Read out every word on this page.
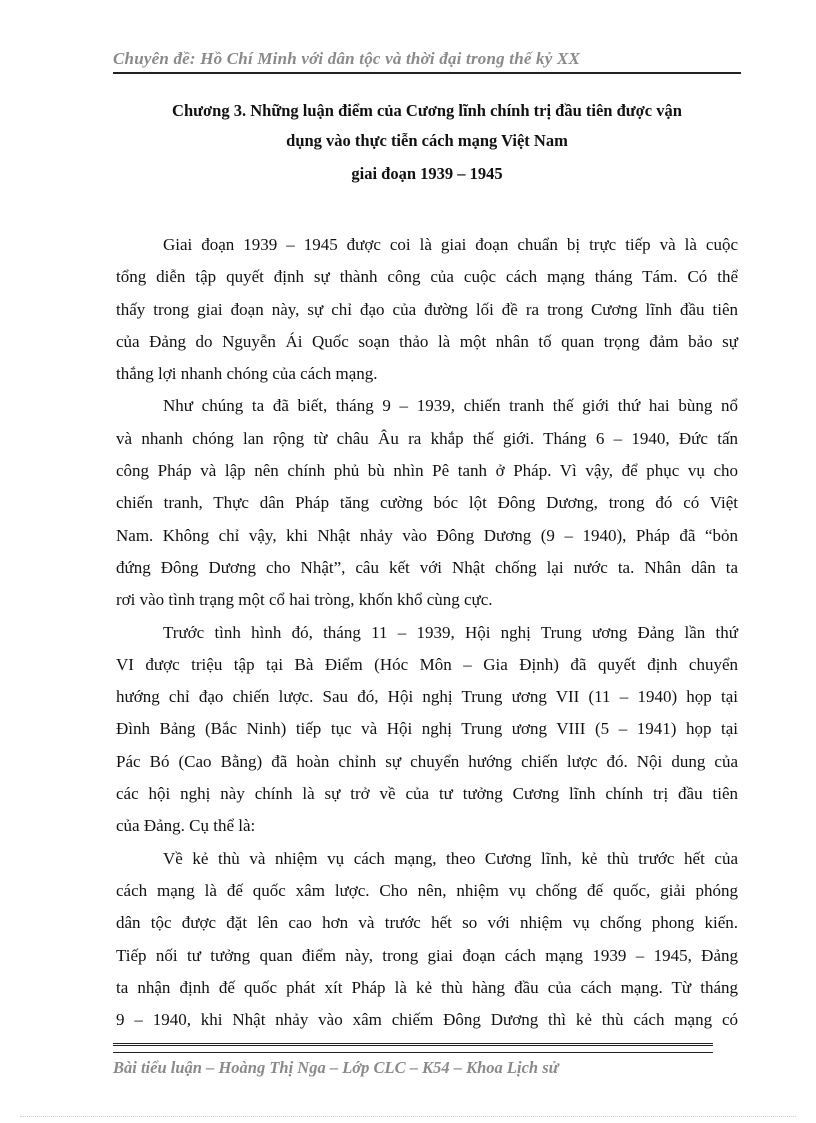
Chuyên đề: Hồ Chí Minh với dân tộc và thời đại trong thế kỷ XX
Chương 3. Những luận điểm của Cương lĩnh chính trị đầu tiên được vận
dụng vào thực tiễn cách mạng Việt Nam
giai đoạn 1939 – 1945
Giai đoạn 1939 – 1945 được coi là giai đoạn chuẩn bị trực tiếp và là cuộc
tổng diễn tập quyết định sự thành công của cuộc cách mạng tháng Tám. Có thể
thấy trong giai đoạn này, sự chỉ đạo của đường lối đề ra trong Cương lĩnh đầu tiên
của Đảng do Nguyễn Ái Quốc soạn thảo là một nhân tố quan trọng đảm bảo sự
thắng lợi nhanh chóng của cách mạng.
Như chúng ta đã biết, tháng 9 – 1939, chiến tranh thế giới thứ hai bùng nổ
và nhanh chóng lan rộng từ châu Âu ra khắp thế giới. Tháng 6 – 1940, Đức tấn
công Pháp và lập nên chính phủ bù nhìn Pê tanh ở Pháp. Vì vậy, để phục vụ cho
chiến tranh, Thực dân Pháp tăng cường bóc lột Đông Dương, trong đó có Việt
Nam. Không chỉ vậy, khi Nhật nhảy vào Đông Dương (9 – 1940), Pháp đã “bỏn
đứng Đông Dương cho Nhật”, câu kết với Nhật chống lại nước ta. Nhân dân ta
rơi vào tình trạng một cổ hai tròng, khốn khổ cùng cực.
Trước tình hình đó, tháng 11 – 1939, Hội nghị Trung ương Đảng lần thứ
VI được triệu tập tại Bà Điểm (Hóc Môn – Gia Định) đã quyết định chuyển
hướng chỉ đạo chiến lược. Sau đó, Hội nghị Trung ương VII (11 – 1940) họp tại
Đình Bảng (Bắc Ninh) tiếp tục và Hội nghị Trung ương VIII (5 – 1941) họp tại
Pác Bó (Cao Bằng) đã hoàn chỉnh sự chuyển hướng chiến lược đó. Nội dung của
các hội nghị này chính là sự trở về của tư tưởng Cương lĩnh chính trị đầu tiên
của Đảng. Cụ thể là:
Về kẻ thù và nhiệm vụ cách mạng, theo Cương lĩnh, kẻ thù trước hết của
cách mạng là đế quốc xâm lược. Cho nên, nhiệm vụ chống đế quốc, giải phóng
dân tộc được đặt lên cao hơn và trước hết so với nhiệm vụ chống phong kiến.
Tiếp nối tư tưởng quan điểm này, trong giai đoạn cách mạng 1939 – 1945, Đảng
ta nhận định đế quốc phát xít Pháp là kẻ thù hàng đầu của cách mạng. Từ tháng
9 – 1940, khi Nhật nhảy vào xâm chiếm Đông Dương thì kẻ thù cách mạng có
Bài tiểu luận – Hoàng Thị Nga – Lớp CLC – K54 – Khoa Lịch sử
